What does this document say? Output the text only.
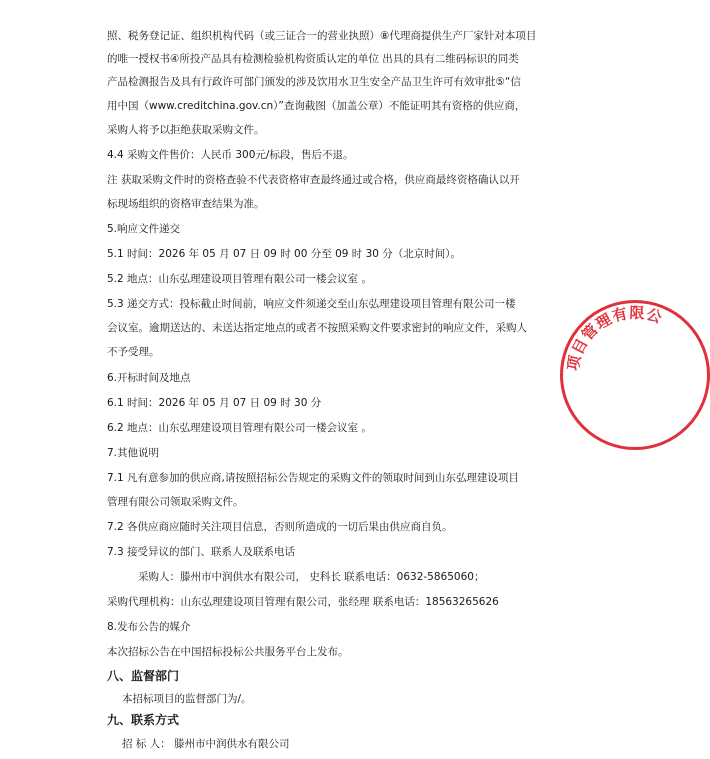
照、税务登记证、组织机构代码（或三证合一的营业执照）⑧代理商提供生产厂家针对本项目

的唯一授权书④所投产品具有检测检验机构资质认定的单位 出具的具有二维码标识的同类

产品检测报告及具有行政许可部门颁发的涉及饮用水卫生安全产品卫生许可有效审批⑤“信

用中国（www.creditchina.gov.cn）”查询截图（加盖公章）不能证明其有资格的供应商，

采购人将予以拒绝获取采购文件。

4.4 采购文件售价：人民币 300元/标段，售后不退。

注 获取采购文件时的资格查验不代表资格审查最终通过或合格，供应商最终资格确认以开

标现场组织的资格审查结果为准。

5.响应文件递交

5.1 时间：2026 年 05 月 07 日 09 时 00 分至 09 时 30 分（北京时间）。

5.2 地点：山东弘理建设项目管理有限公司一楼会议室 。

5.3 递交方式：投标截止时间前，响应文件须递交至山东弘理建设项目管理有限公司一楼

会议室。逾期送达的、未送达指定地点的或者不按照采购文件要求密封的响应文件，采购人

不予受理。

6.开标时间及地点

6.1 时间：2026 年 05 月 07 日 09 时 30 分

6.2 地点：山东弘理建设项目管理有限公司一楼会议室 。

7.其他说明

7.1 凡有意参加的供应商,请按照招标公告规定的采购文件的领取时间到山东弘理建设项目

管理有限公司领取采购文件。

7.2 各供应商应随时关注项目信息，否则所造成的一切后果由供应商自负。

7.3 接受异议的部门、联系人及联系电话

采购人：滕州市中润供水有限公司， 史科长 联系电话：0632-5865060；

采购代理机构：山东弘理建设项目管理有限公司，张经理 联系电话：18563265626

8.发布公告的媒介

本次招标公告在中国招标投标公共服务平台上发布。

八、监督部门

本招标项目的监督部门为/。

九、联系方式

招 标 人： 滕州市中润供水有限公司

项目管理有限公
